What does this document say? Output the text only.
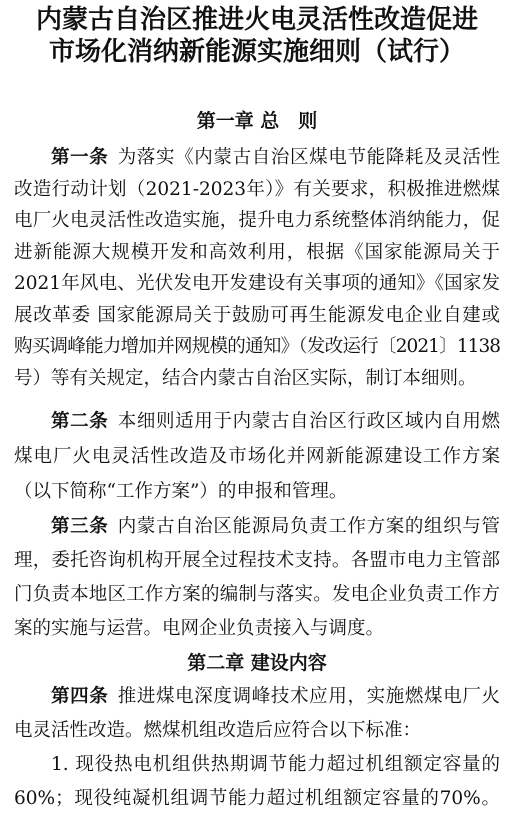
内蒙古自治区推进火电灵活性改造促进
市场化消纳新能源实施细则（试行）
第一章 总　则
第一条 为落实《内蒙古自治区煤电节能降耗及灵活性
改造行动计划（2021-2023年）》有关要求，积极推进燃煤
电厂火电灵活性改造实施，提升电力系统整体消纳能力，促
进新能源大规模开发和高效利用，根据《国家能源局关于
2021年风电、光伏发电开发建设有关事项的通知》《国家发
展改革委 国家能源局关于鼓励可再生能源发电企业自建或
购买调峰能力增加并网规模的通知》（发改运行〔2021〕1138
号）等有关规定，结合内蒙古自治区实际，制订本细则。
第二条 本细则适用于内蒙古自治区行政区域内自用燃
煤电厂火电灵活性改造及市场化并网新能源建设工作方案
（以下简称“工作方案”）的申报和管理。
第三条 内蒙古自治区能源局负责工作方案的组织与管
理，委托咨询机构开展全过程技术支持。各盟市电力主管部
门负责本地区工作方案的编制与落实。发电企业负责工作方
案的实施与运营。电网企业负责接入与调度。
第二章 建设内容
第四条 推进煤电深度调峰技术应用，实施燃煤电厂火
电灵活性改造。燃煤机组改造后应符合以下标准：
1. 现役热电机组供热期调节能力超过机组额定容量的
60%；现役纯凝机组调节能力超过机组额定容量的70%。
